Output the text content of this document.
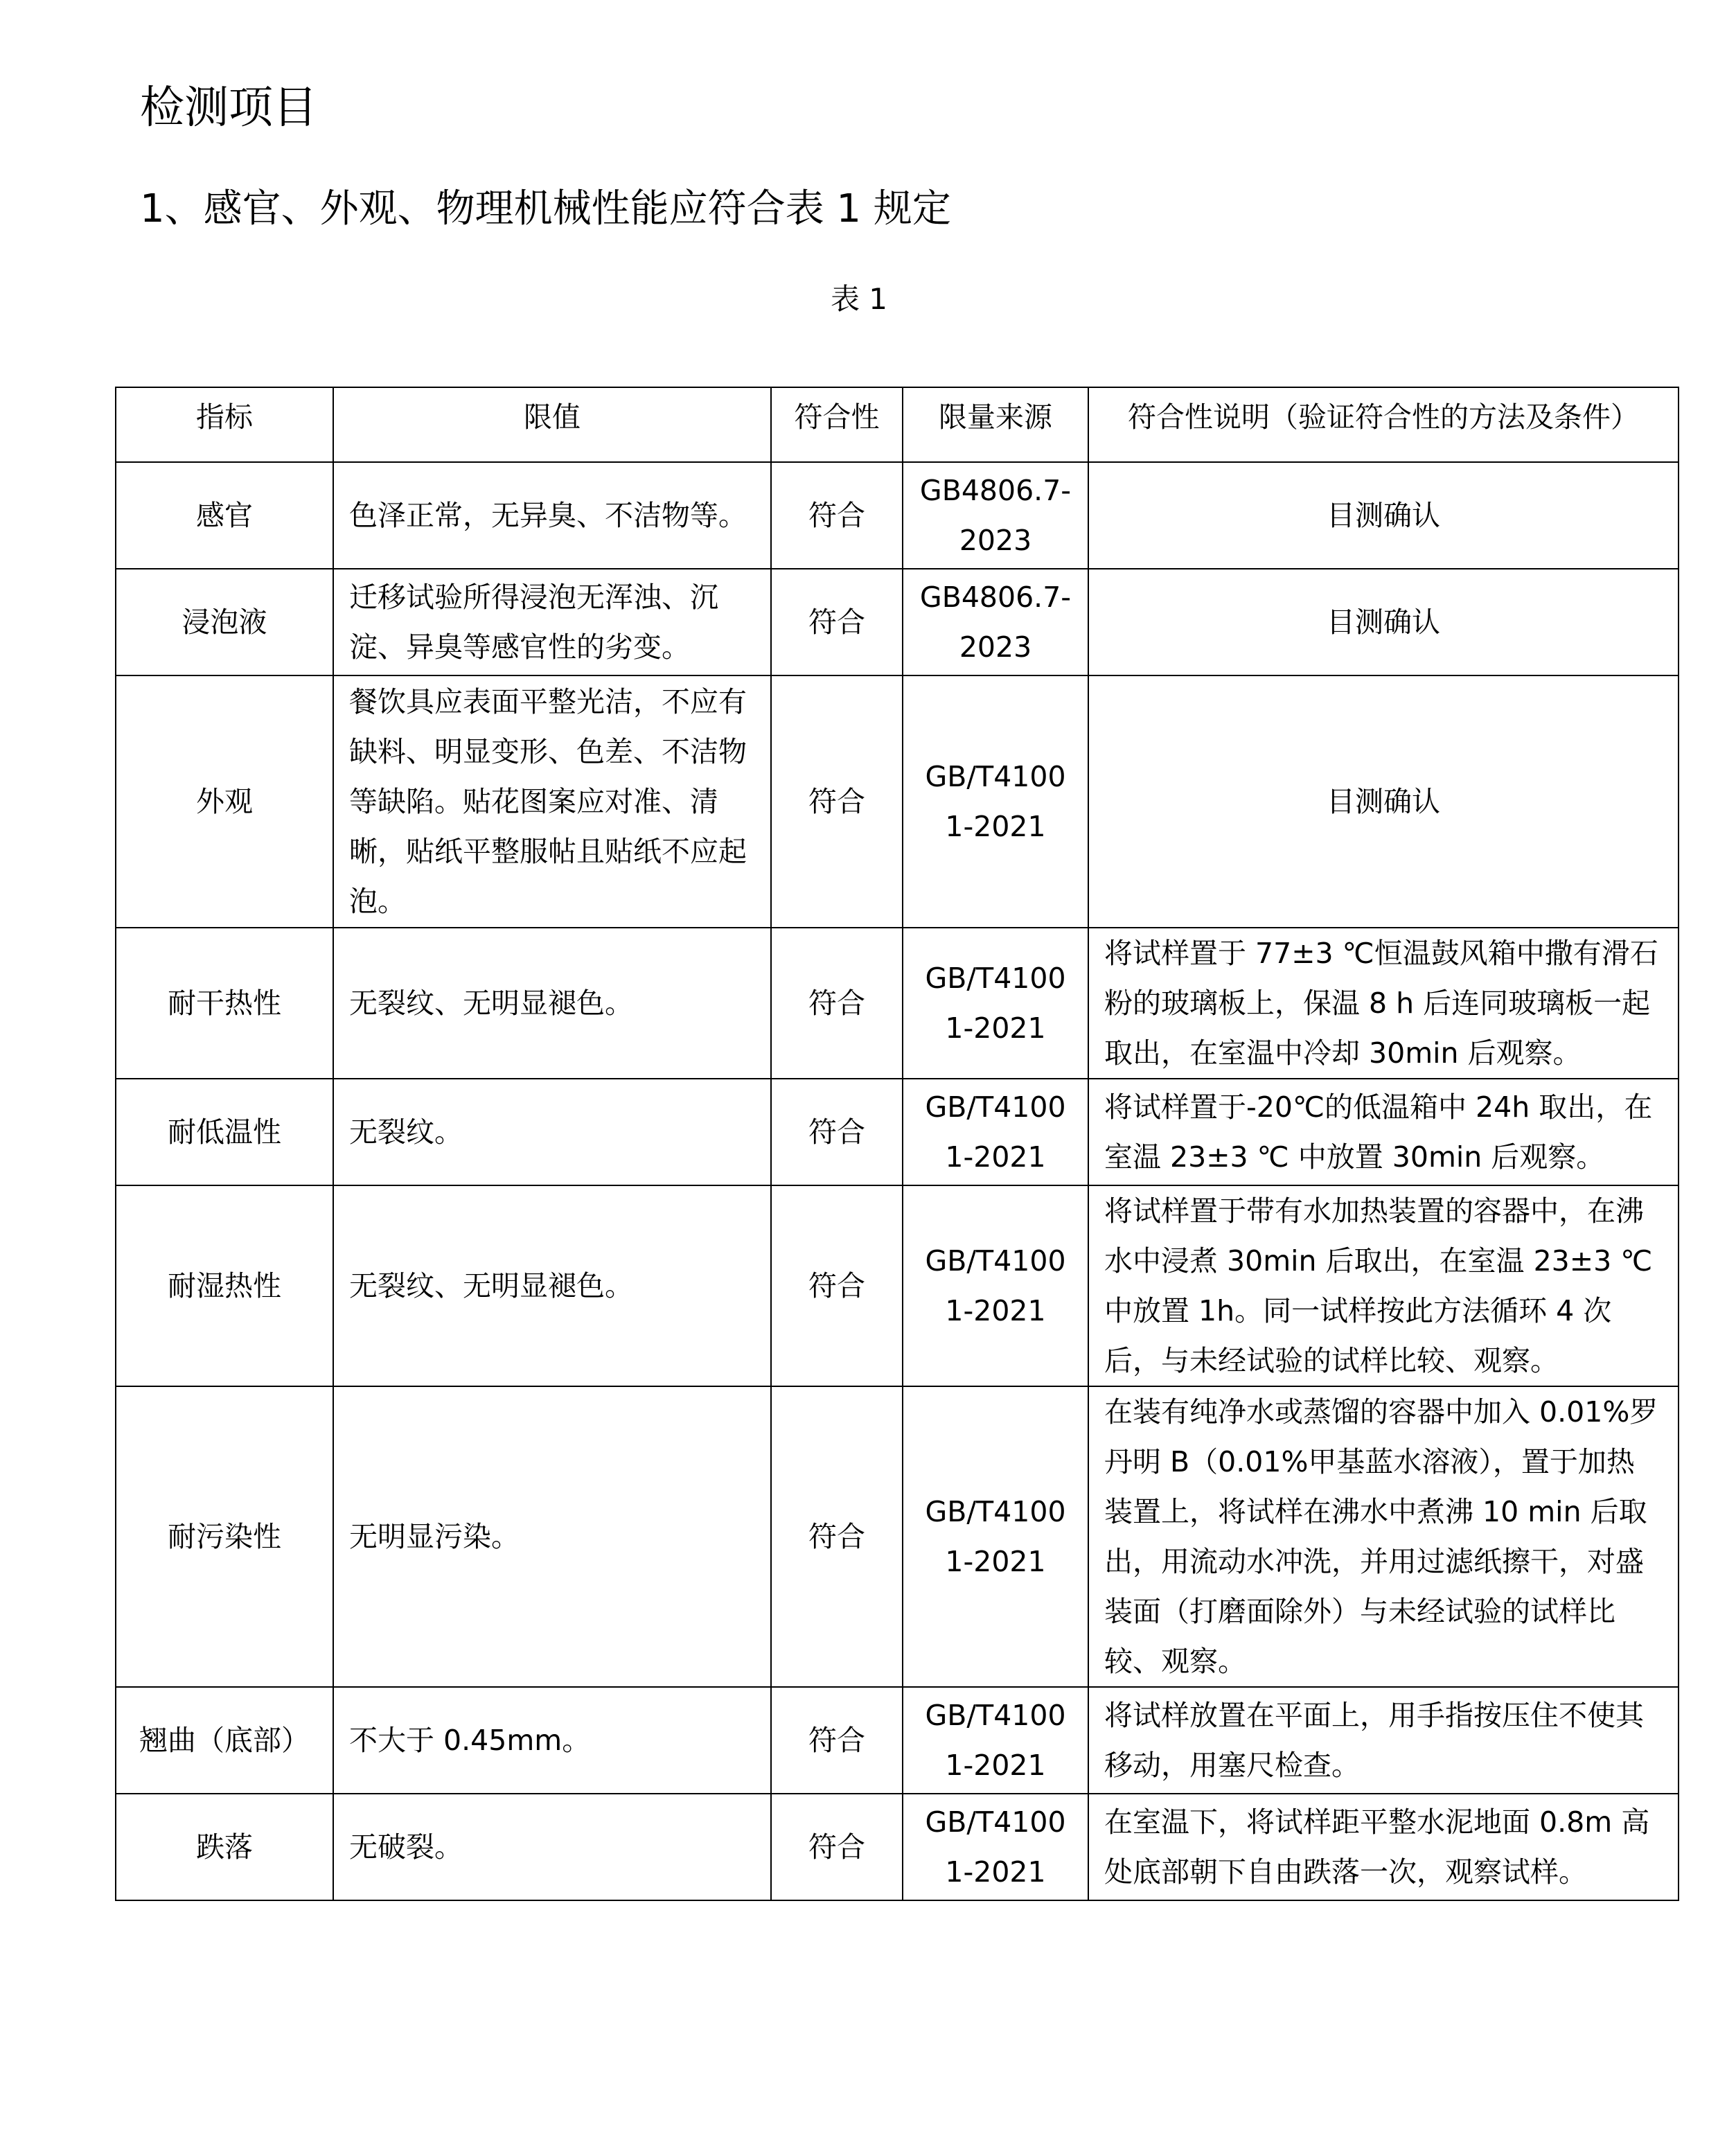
检测项目
1、感官、外观、物理机械性能应符合表 1 规定
表 1
指标	限值	符合性	限量来源	符合性说明（验证符合性的方法及条件）
感官	色泽正常，无异臭、不洁物等。	符合	GB4806.7-2023	目测确认
浸泡液	迁移试验所得浸泡无浑浊、沉淀、异臭等感官性的劣变。	符合	GB4806.7-2023	目测确认
外观	餐饮具应表面平整光洁，不应有缺料、明显变形、色差、不洁物等缺陷。贴花图案应对准、清晰，贴纸平整服帖且贴纸不应起泡。	符合	GB/T41001-2021	目测确认
耐干热性	无裂纹、无明显褪色。	符合	GB/T41001-2021	将试样置于 77±3 ℃恒温鼓风箱中撒有滑石粉的玻璃板上，保温 8 h 后连同玻璃板一起取出，在室温中冷却 30min 后观察。
耐低温性	无裂纹。	符合	GB/T41001-2021	将试样置于-20℃的低温箱中 24h 取出，在室温 23±3 ℃ 中放置 30min 后观察。
耐湿热性	无裂纹、无明显褪色。	符合	GB/T41001-2021	将试样置于带有水加热装置的容器中，在沸水中浸煮 30min 后取出，在室温 23±3 ℃ 中放置 1h。同一试样按此方法循环 4 次后，与未经试验的试样比较、观察。
耐污染性	无明显污染。	符合	GB/T41001-2021	在装有纯净水或蒸馏的容器中加入 0.01%罗丹明 B（0.01%甲基蓝水溶液），置于加热装置上，将试样在沸水中煮沸 10 min 后取出，用流动水冲洗，并用过滤纸擦干，对盛装面（打磨面除外）与未经试验的试样比较、观察。
翘曲（底部）	不大于 0.45mm。	符合	GB/T41001-2021	将试样放置在平面上，用手指按压住不使其移动，用塞尺检查。
跌落	无破裂。	符合	GB/T41001-2021	在室温下，将试样距平整水泥地面 0.8m 高处底部朝下自由跌落一次，观察试样。
